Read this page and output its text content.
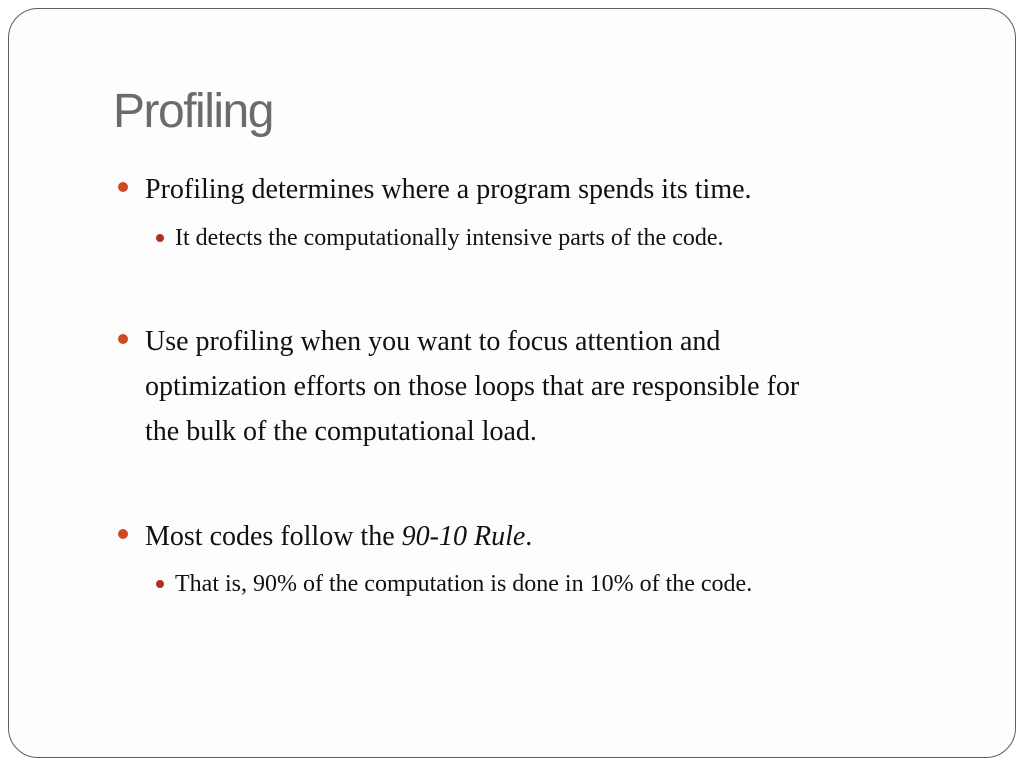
Profiling
Profiling determines where a program spends its time.
It detects the computationally intensive parts of the code.
Use profiling when you want to focus attention and
optimization efforts on those loops that are responsible for
the bulk of the computational load.
Most codes follow the 90-10 Rule.
That is, 90% of the computation is done in 10% of the code.
